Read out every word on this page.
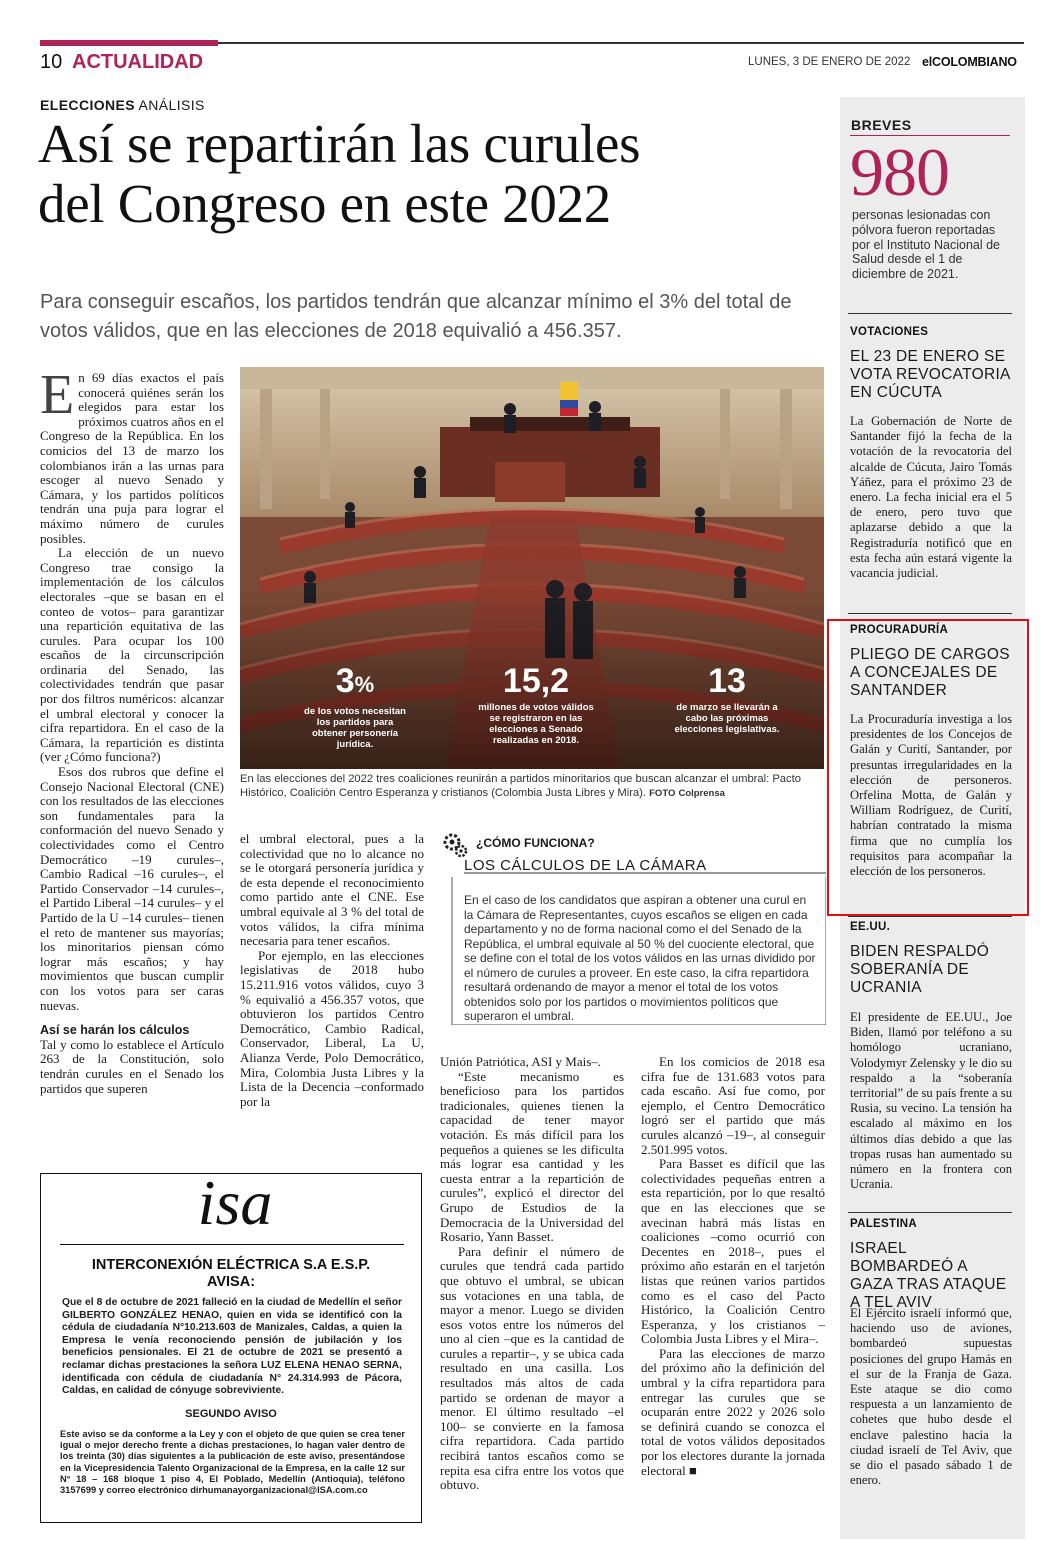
10 ACTUALIDAD	LUNES, 3 DE ENERO DE 2022 elCOLOMBIANO
ELECCIONES ANÁLISIS
Así se repartirán las curules
del Congreso en este 2022
Para conseguir escaños, los partidos tendrán que alcanzar mínimo el 3% del total de votos válidos, que en las elecciones de 2018 equivalió a 456.357.

En 69 días exactos el país conocerá quiénes serán los elegidos para estar los próximos cuatros años en el Congreso de la República. En los comicios del 13 de marzo los colombianos irán a las urnas para escoger al nuevo Senado y Cámara, y los partidos políticos tendrán una puja para lograr el máximo número de curules posibles.

La elección de un nuevo Congreso trae consigo la implementación de los cálculos electorales –que se basan en el conteo de votos– para garantizar una repartición equitativa de las curules. Para ocupar los 100 escaños de la circunscripción ordinaria del Senado, las colectividades tendrán que pasar por dos filtros numéricos: alcanzar el umbral electoral y conocer la cifra repartidora. En el caso de la Cámara, la repartición es distinta (ver ¿Cómo funciona?)

Esos dos rubros que define el Consejo Nacional Electoral (CNE) con los resultados de las elecciones son fundamentales para la conformación del nuevo Senado y colectividades como el Centro Democrático –19 curules–, Cambio Radical –16 curules–, el Partido Conservador –14 curules–, el Partido Liberal –14 curules– y el Partido de la U –14 curules– tienen el reto de mantener sus mayorías; los minoritarios piensan cómo lograr más escaños; y hay movimientos que buscan cumplir con los votos para ser caras nuevas.

Así se harán los cálculos

Tal y como lo establece el Artículo 263 de la Constitución, solo tendrán curules en el Senado los partidos que superen

3%
de los votos necesitan los partidos para obtener personería jurídica.
15,2
millones de votos válidos se registraron en las elecciones a Senado realizadas en 2018.
13
de marzo se llevarán a cabo las próximas elecciones legislativas.
En las elecciones del 2022 tres coaliciones reunirán a partidos minoritarios que buscan alcanzar el umbral: Pacto Histórico, Coalición Centro Esperanza y cristianos (Colombia Justa Libres y Mira). FOTO Colprensa

el umbral electoral, pues a la colectividad que no lo alcance no se le otorgará personería jurídica y de esta depende el reconocimiento como partido ante el CNE. Ese umbral equivale al 3 % del total de votos válidos, la cifra mínima necesaria para tener escaños.

Por ejemplo, en las elecciones legislativas de 2018 hubo 15.211.916 votos válidos, cuyo 3 % equivalió a 456.357 votos, que obtuvieron los partidos Centro Democrático, Cambio Radical, Conservador, Liberal, La U, Alianza Verde, Polo Democrático, Mira, Colombia Justa Libres y la Lista de la Decencia –conformado por la

¿CÓMO FUNCIONA?
LOS CÁLCULOS DE LA CÁMARA
En el caso de los candidatos que aspiran a obtener una curul en la Cámara de Representantes, cuyos escaños se eligen en cada departamento y no de forma nacional como el del Senado de la República, el umbral equivale al 50 % del cuociente electoral, que se define con el total de los votos válidos en las urnas dividido por el número de curules a proveer. En este caso, la cifra repartidora resultará ordenando de mayor a menor el total de los votos obtenidos solo por los partidos o movimientos políticos que superaron el umbral.

Unión Patriótica, ASI y Mais–.

“Este mecanismo es beneficioso para los partidos tradicionales, quienes tienen la capacidad de tener mayor votación. Es más difícil para los pequeños a quienes se les dificulta más lograr esa cantidad y les cuesta entrar a la repartición de curules”, explicó el director del Grupo de Estudios de la Democracia de la Universidad del Rosario, Yann Basset.

Para definir el número de curules que tendrá cada partido que obtuvo el umbral, se ubican sus votaciones en una tabla, de mayor a menor. Luego se dividen esos votos entre los números del uno al cien –que es la cantidad de curules a repartir–, y se ubica cada resultado en una casilla. Los resultados más altos de cada partido se ordenan de mayor a menor. El último resultado –el 100– se convierte en la famosa cifra repartidora. Cada partido recibirá tantos escaños como se repita esa cifra entre los votos que obtuvo.

En los comicios de 2018 esa cifra fue de 131.683 votos para cada escaño. Así fue como, por ejemplo, el Centro Democrático logró ser el partido que más curules alcanzó –19–, al conseguir 2.501.995 votos.

Para Basset es difícil que las colectividades pequeñas entren a esta repartición, por lo que resaltó que en las elecciones que se avecinan habrá más listas en coaliciones –como ocurrió con Decentes en 2018–, pues el próximo año estarán en el tarjetón listas que reúnen varios partidos como es el caso del Pacto Histórico, la Coalición Centro Esperanza, y los cristianos –Colombia Justa Libres y el Mira–.

Para las elecciones de marzo del próximo año la definición del umbral y la cifra repartidora para entregar las curules que se ocuparán entre 2022 y 2026 solo se definirá cuando se conozca el total de votos válidos depositados por los electores durante la jornada electoral ■

isa
INTERCONEXIÓN ELÉCTRICA S.A E.S.P.
AVISA:
Que el 8 de octubre de 2021 falleció en la ciudad de Medellín el señor GILBERTO GONZÁLEZ HENAO, quien en vida se identificó con la cédula de ciudadanía N°10.213.603 de Manizales, Caldas, a quien la Empresa le venía reconociendo pensión de jubilación y los beneficios pensionales. El 21 de octubre de 2021 se presentó a reclamar dichas prestaciones la señora LUZ ELENA HENAO SERNA, identificada con cédula de ciudadanía N° 24.314.993 de Pácora, Caldas, en calidad de cónyuge sobreviviente.
SEGUNDO AVISO
Este aviso se da conforme a la Ley y con el objeto de que quien se crea tener igual o mejor derecho frente a dichas prestaciones, lo hagan valer dentro de los treinta (30) días siguientes a la publicación de este aviso, presentándose en la Vicepresidencia Talento Organizacional de la Empresa, en la calle 12 sur N° 18 – 168 bloque 1 piso 4, El Poblado, Medellín (Antioquia), teléfono 3157699 y correo electrónico dirhumanayorganizacional@ISA.com.co
BREVES
980
personas lesionadas con pólvora fueron reportadas por el Instituto Nacional de Salud desde el 1 de diciembre de 2021.
VOTACIONES
EL 23 DE ENERO SE VOTA REVOCATORIA EN CÚCUTA
La Gobernación de Norte de Santander fijó la fecha de la votación de la revocatoria del alcalde de Cúcuta, Jairo Tomás Yáñez, para el próximo 23 de enero. La fecha inicial era el 5 de enero, pero tuvo que aplazarse debido a que la Registraduría notificó que en esta fecha aún estará vigente la vacancia judicial.
PROCURADURÍA
PLIEGO DE CARGOS A CONCEJALES DE SANTANDER
La Procuraduría investiga a los presidentes de los Concejos de Galán y Curití, Santander, por presuntas irregularidades en la elección de personeros. Orfelina Motta, de Galán y William Rodríguez, de Curití, habrían contratado la misma firma que no cumplía los requisitos para acompañar la elección de los personeros.
EE.UU.
BIDEN RESPALDÓ SOBERANÍA DE UCRANIA
El presidente de EE.UU., Joe Biden, llamó por teléfono a su homólogo ucraniano, Volodymyr Zelensky y le dio su respaldo a la “soberanía territorial” de su país frente a su Rusia, su vecino. La tensión ha escalado al máximo en los últimos días debido a que las tropas rusas han aumentado su número en la frontera con Ucrania.
PALESTINA
ISRAEL BOMBARDEÓ A GAZA TRAS ATAQUE A TEL AVIV
El Ejército israelí informó que, haciendo uso de aviones, bombardeó supuestas posiciones del grupo Hamás en el sur de la Franja de Gaza. Este ataque se dio como respuesta a un lanzamiento de cohetes que hubo desde el enclave palestino hacia la ciudad israelí de Tel Aviv, que se dio el pasado sábado 1 de enero.
